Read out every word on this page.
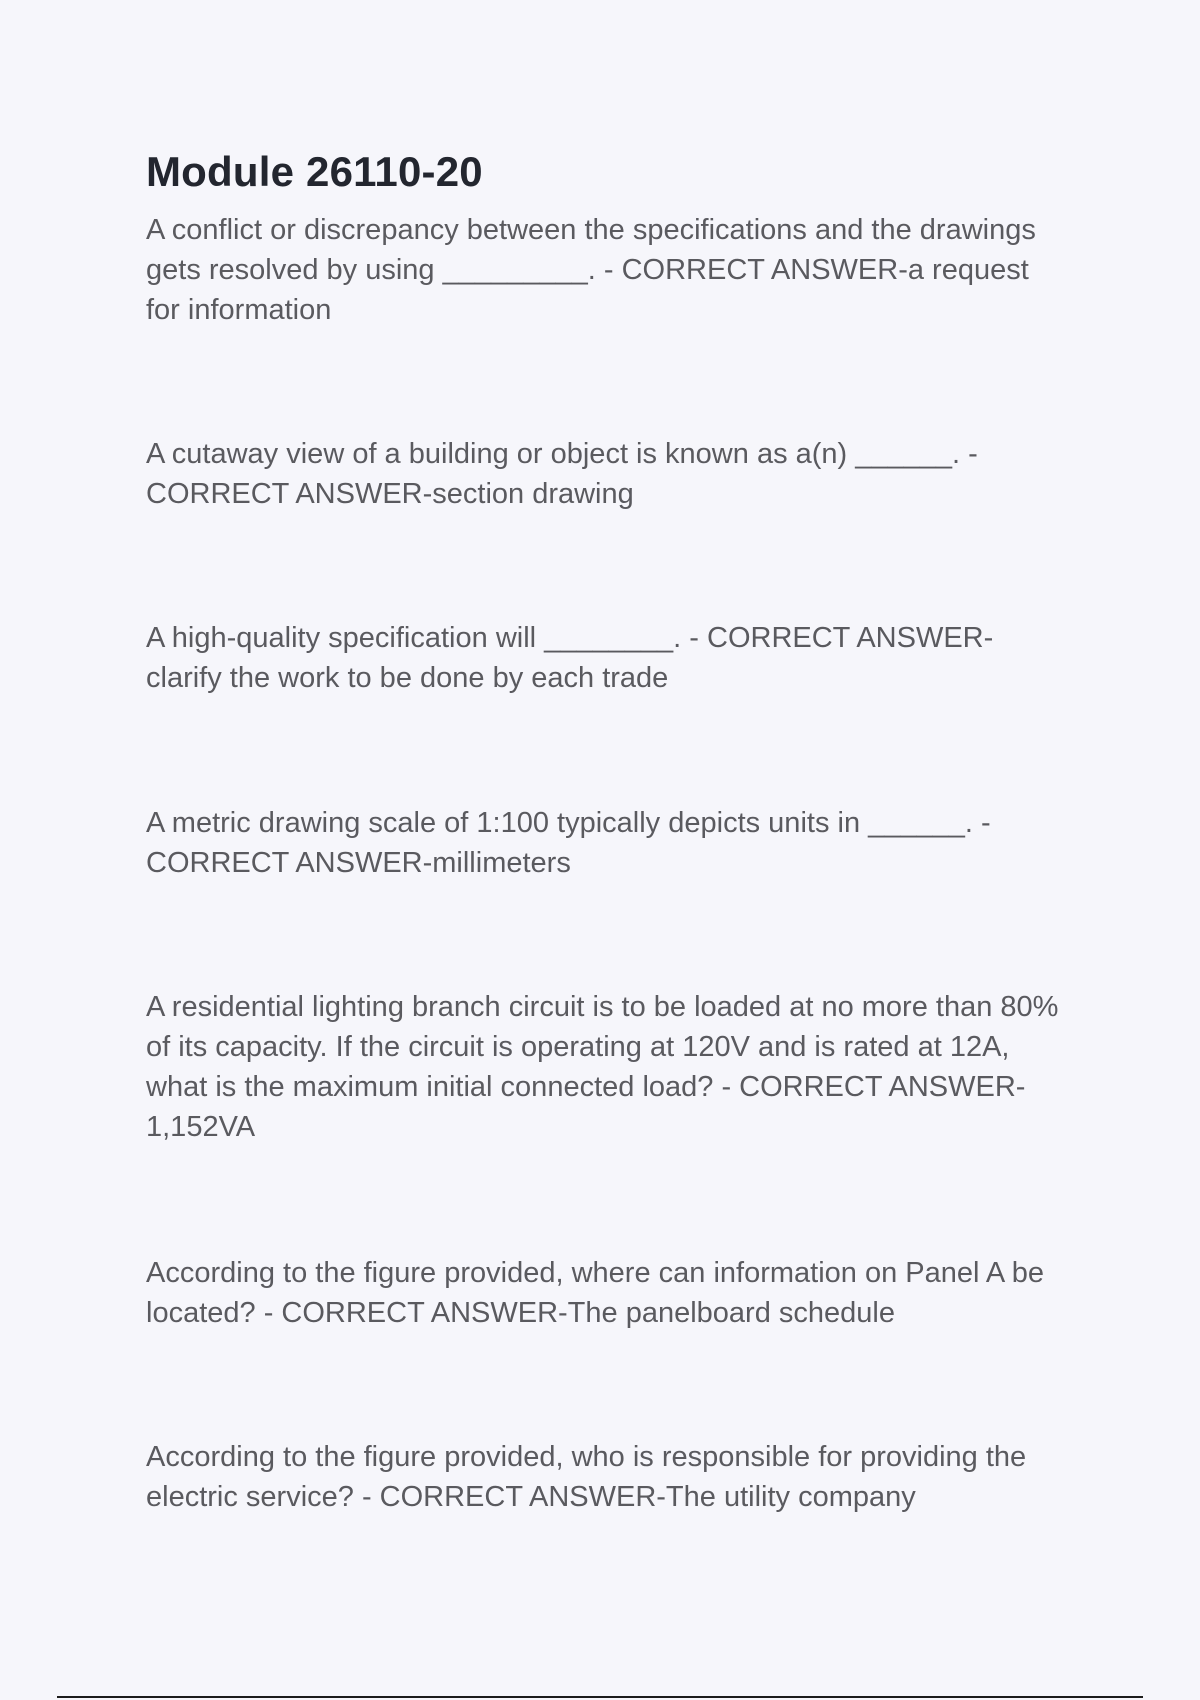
Module 26110-20

A conflict or discrepancy between the specifications and the drawings gets resolved by using _________. - CORRECT ANSWER-a request for information

A cutaway view of a building or object is known as a(n) ______. - CORRECT ANSWER-section drawing

A high-quality specification will ________. - CORRECT ANSWER-clarify the work to be done by each trade

A metric drawing scale of 1:100 typically depicts units in ______. - CORRECT ANSWER-millimeters

A residential lighting branch circuit is to be loaded at no more than 80% of its capacity. If the circuit is operating at 120V and is rated at 12A, what is the maximum initial connected load? - CORRECT ANSWER-1,152VA

According to the figure provided, where can information on Panel A be located? - CORRECT ANSWER-The panelboard schedule

According to the figure provided, who is responsible for providing the electric service? - CORRECT ANSWER-The utility company
